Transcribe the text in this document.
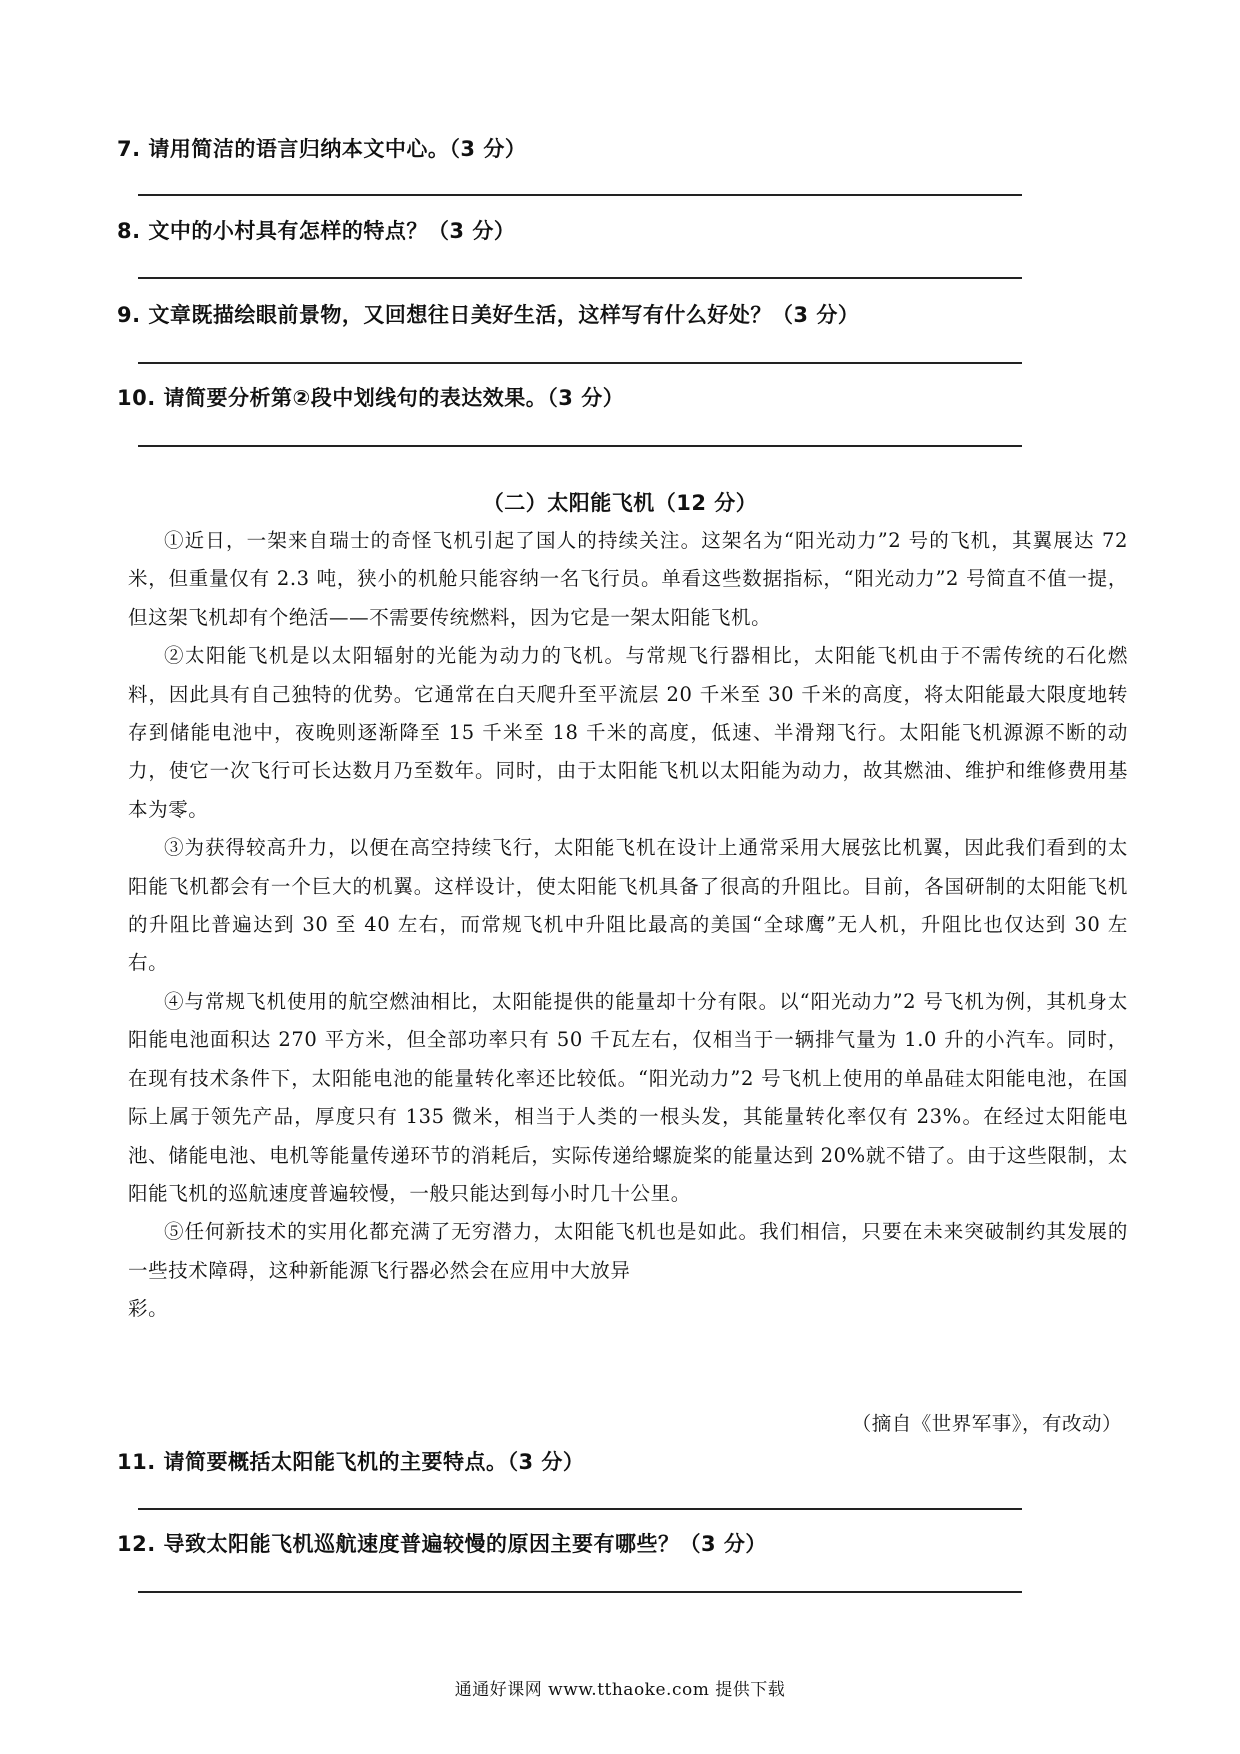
7. 请用简洁的语言归纳本文中心。（3 分）
8. 文中的小村具有怎样的特点？（3 分）
9. 文章既描绘眼前景物，又回想往日美好生活，这样写有什么好处？（3 分）
10. 请简要分析第②段中划线句的表达效果。（3 分）
（二）太阳能飞机（12 分）

①近日，一架来自瑞士的奇怪飞机引起了国人的持续关注。这架名为“阳光动力”2 号的飞机，其翼展达 72 米，但重量仅有 2.3 吨，狭小的机舱只能容纳一名飞行员。单看这些数据指标，“阳光动力”2 号简直不值一提，但这架飞机却有个绝活——不需要传统燃料，因为它是一架太阳能飞机。

②太阳能飞机是以太阳辐射的光能为动力的飞机。与常规飞行器相比，太阳能飞机由于不需传统的石化燃料，因此具有自己独特的优势。它通常在白天爬升至平流层 20 千米至 30 千米的高度，将太阳能最大限度地转存到储能电池中，夜晚则逐渐降至 15 千米至 18 千米的高度，低速、半滑翔飞行。太阳能飞机源源不断的动力，使它一次飞行可长达数月乃至数年。同时，由于太阳能飞机以太阳能为动力，故其燃油、维护和维修费用基本为零。

③为获得较高升力，以便在高空持续飞行，太阳能飞机在设计上通常采用大展弦比机翼，因此我们看到的太阳能飞机都会有一个巨大的机翼。这样设计，使太阳能飞机具备了很高的升阻比。目前，各国研制的太阳能飞机的升阻比普遍达到 30 至 40 左右，而常规飞机中升阻比最高的美国“全球鹰”无人机，升阻比也仅达到 30 左右。

④与常规飞机使用的航空燃油相比，太阳能提供的能量却十分有限。以“阳光动力”2 号飞机为例，其机身太阳能电池面积达 270 平方米，但全部功率只有 50 千瓦左右，仅相当于一辆排气量为 1.0 升的小汽车。同时，在现有技术条件下，太阳能电池的能量转化率还比较低。“阳光动力”2 号飞机上使用的单晶硅太阳能电池，在国际上属于领先产品，厚度只有 135 微米，相当于人类的一根头发，其能量转化率仅有 23%。在经过太阳能电池、储能电池、电机等能量传递环节的消耗后，实际传递给螺旋桨的能量达到 20%就不错了。由于这些限制，太阳能飞机的巡航速度普遍较慢，一般只能达到每小时几十公里。

⑤任何新技术的实用化都充满了无穷潜力，太阳能飞机也是如此。我们相信，只要在未来突破制约其发展的一些技术障碍，这种新能源飞行器必然会在应用中大放异

彩。

（摘自《世界军事》，有改动）
11. 请简要概括太阳能飞机的主要特点。（3 分）
12. 导致太阳能飞机巡航速度普遍较慢的原因主要有哪些？（3 分）
通通好课网 www.tthaoke.com 提供下载
